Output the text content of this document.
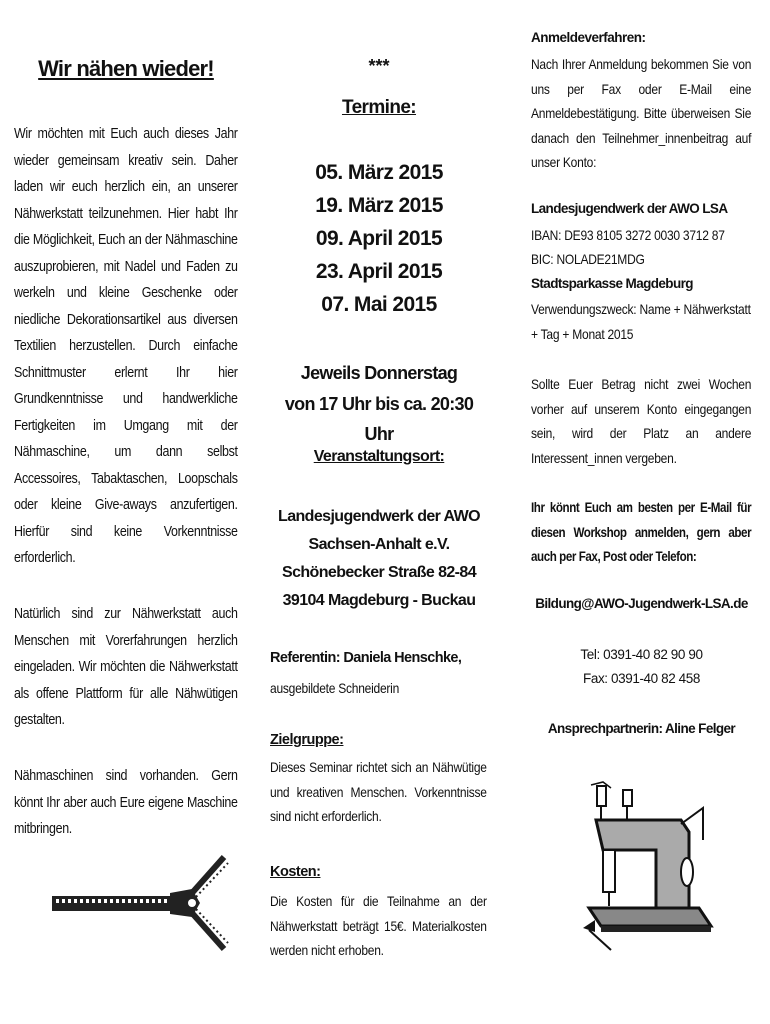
Wir nähen wieder!
Wir möchten mit Euch auch dieses Jahr wieder gemeinsam kreativ sein. Daher laden wir euch herzlich ein, an unserer Nähwerkstatt teilzunehmen. Hier habt Ihr die Möglichkeit, Euch an der Nähmaschine auszuprobieren, mit Nadel und Faden zu werkeln und kleine Geschenke oder niedliche Dekorationsartikel aus diversen Textilien herzustellen. Durch einfache Schnittmuster erlernt Ihr hier Grundkenntnisse und handwerkliche Fertigkeiten im Umgang mit der Nähmaschine, um dann selbst Accessoires, Tabaktaschen, Loopschals oder kleine Give-aways anzufertigen. Hierfür sind keine Vorkenntnisse erforderlich.
Natürlich sind zur Nähwerkstatt auch Menschen mit Vorerfahrungen herzlich eingeladen. Wir möchten die Nähwerkstatt als offene Plattform für alle Nähwütigen gestalten.
Nähmaschinen sind vorhanden. Gern könnt Ihr aber auch Eure eigene Maschine mitbringen.
***
Termine:
05. März 2015
19. März 2015
09. April 2015
23. April 2015
07. Mai 2015
Jeweils Donnerstag
von 17 Uhr bis ca. 20:30 Uhr
Veranstaltungsort:
Landesjugendwerk der AWO
Sachsen-Anhalt e.V.
Schönebecker Straße 82-84
39104 Magdeburg - Buckau
Referentin: Daniela Henschke,
ausgebildete Schneiderin
Zielgruppe:
Dieses Seminar richtet sich an Nähwütige und kreativen Menschen. Vorkenntnisse sind nicht erforderlich.
Kosten:
Die Kosten für die Teilnahme an der Nähwerkstatt beträgt 15€. Materialkosten werden nicht erhoben.
Anmeldeverfahren:
Nach Ihrer Anmeldung bekommen Sie von uns per Fax oder E-Mail eine Anmeldebestätigung. Bitte überweisen Sie danach den Teilnehmer_innenbeitrag auf unser Konto:
Landesjugendwerk der AWO LSA
IBAN: DE93 8105 3272 0030 3712 87
BIC: NOLADE21MDG
Stadtsparkasse Magdeburg
Verwendungszweck: Name + Nähwerkstatt + Tag + Monat 2015
Sollte Euer Betrag nicht zwei Wochen vorher auf unserem Konto eingegangen sein, wird der Platz an andere Interessent_innen vergeben.
Ihr könnt Euch am besten per E-Mail für diesen Workshop anmelden, gern aber auch per Fax, Post oder Telefon:
Bildung@AWO-Jugendwerk-LSA.de
Tel: 0391-40 82 90 90
Fax: 0391-40 82 458
Ansprechpartnerin: Aline Felger
